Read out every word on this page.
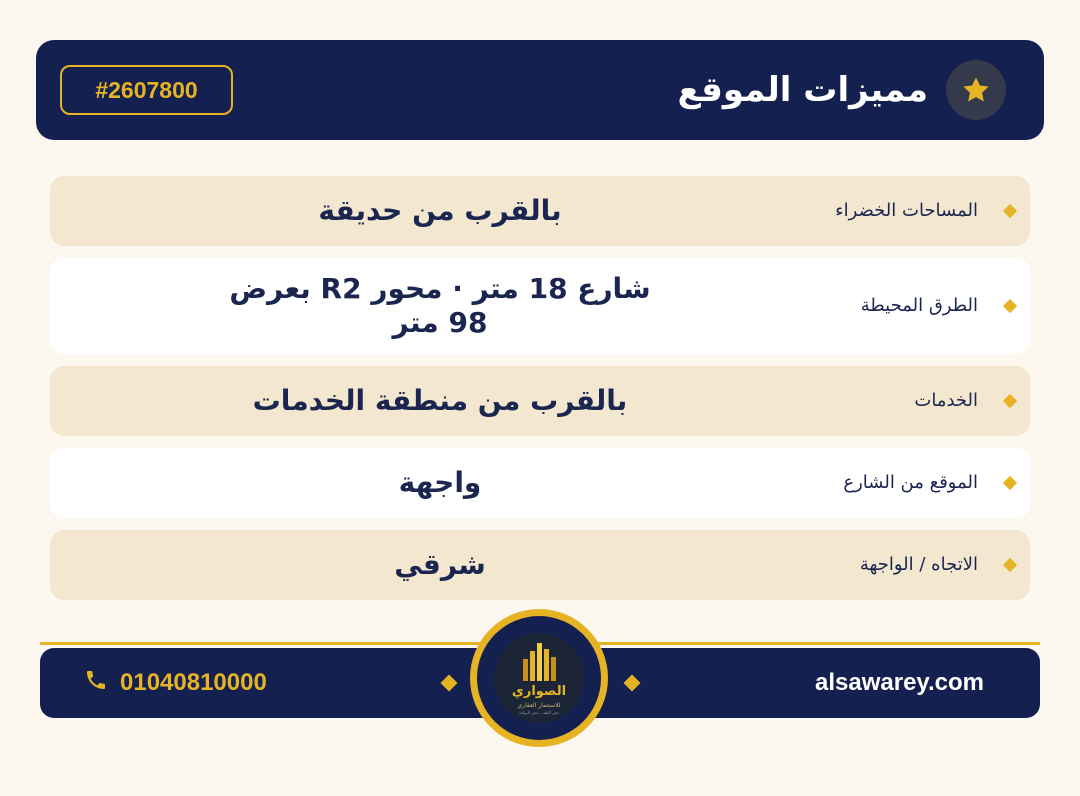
#2607800	مميزات الموقع
المساحات الخضراء
بالقرب من حديقة
الطرق المحيطة
شارع 18 متر · محور R2 بعرض 98 متر
الخدمات
بالقرب من منطقة الخدمات
الموقع من الشارع
واجهة
الاتجاه / الواجهة
شرقي
01040810000	alsawarey.com
الصواري
للاستثمار العقاري
نحن الثقة .. نحن الريادة
